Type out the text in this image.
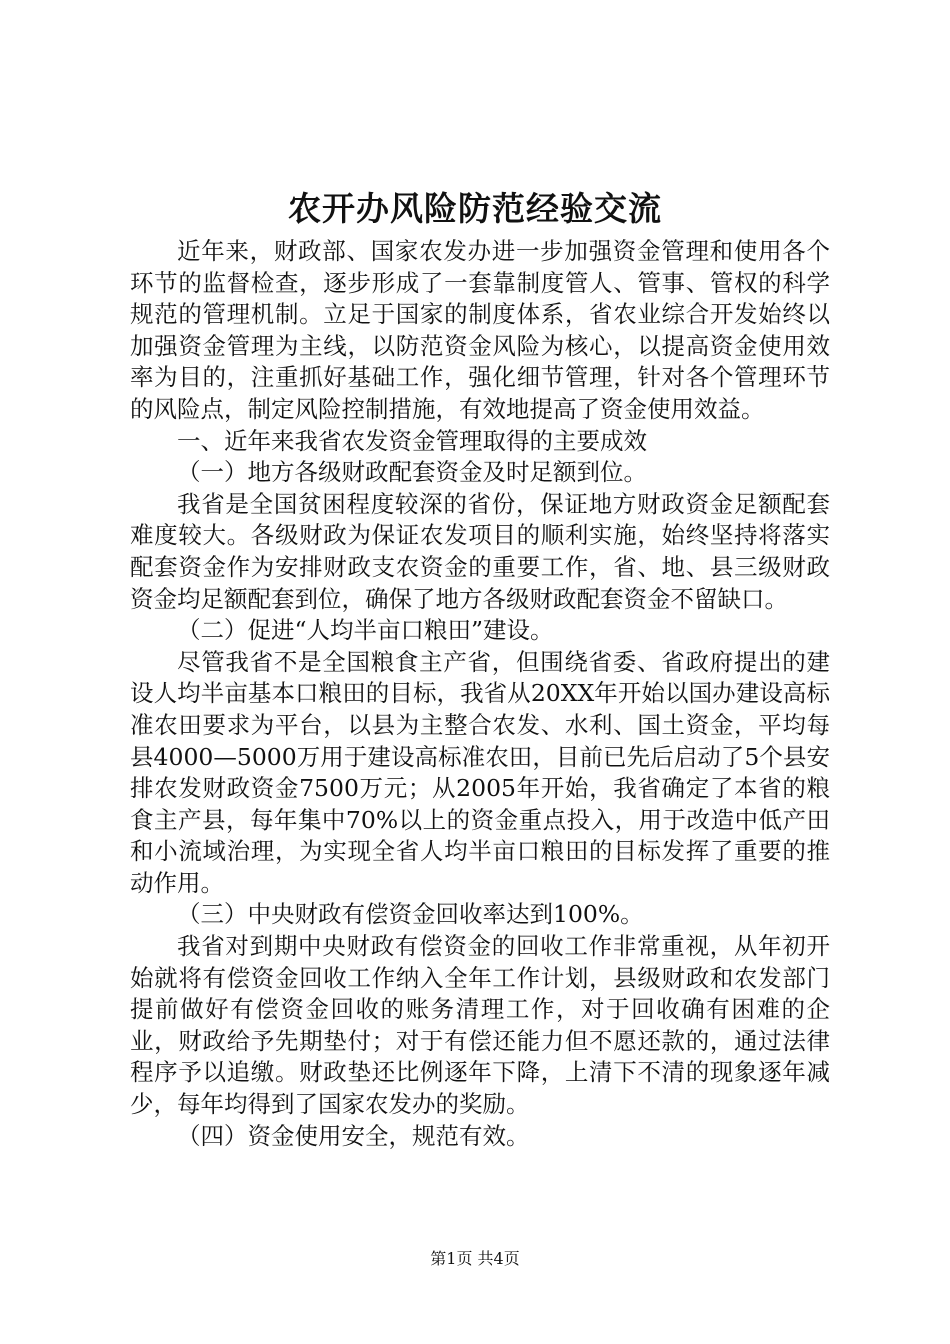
农开办风险防范经验交流

近年来，财政部、国家农发办进一步加强资金管理和使用各个环节的监督检查，逐步形成了一套靠制度管人、管事、管权的科学规范的管理机制。立足于国家的制度体系，省农业综合开发始终以加强资金管理为主线，以防范资金风险为核心，以提高资金使用效率为目的，注重抓好基础工作，强化细节管理，针对各个管理环节的风险点，制定风险控制措施，有效地提高了资金使用效益。

一、近年来我省农发资金管理取得的主要成效

（一）地方各级财政配套资金及时足额到位。

我省是全国贫困程度较深的省份，保证地方财政资金足额配套难度较大。各级财政为保证农发项目的顺利实施，始终坚持将落实配套资金作为安排财政支农资金的重要工作，省、地、县三级财政资金均足额配套到位，确保了地方各级财政配套资金不留缺口。

（二）促进“人均半亩口粮田”建设。

尽管我省不是全国粮食主产省，但围绕省委、省政府提出的建设人均半亩基本口粮田的目标，我省从20XX年开始以国办建设高标准农田要求为平台，以县为主整合农发、水利、国土资金，平均每县4000—5000万用于建设高标准农田，目前已先后启动了5个县安排农发财政资金7500万元；从2005年开始，我省确定了本省的粮食主产县，每年集中70%以上的资金重点投入，用于改造中低产田和小流域治理，为实现全省人均半亩口粮田的目标发挥了重要的推动作用。

（三）中央财政有偿资金回收率达到100%。

我省对到期中央财政有偿资金的回收工作非常重视，从年初开始就将有偿资金回收工作纳入全年工作计划，县级财政和农发部门提前做好有偿资金回收的账务清理工作，对于回收确有困难的企业，财政给予先期垫付；对于有偿还能力但不愿还款的，通过法律程序予以追缴。财政垫还比例逐年下降，上清下不清的现象逐年减少，每年均得到了国家农发办的奖励。

（四）资金使用安全，规范有效。

第1页 共4页
